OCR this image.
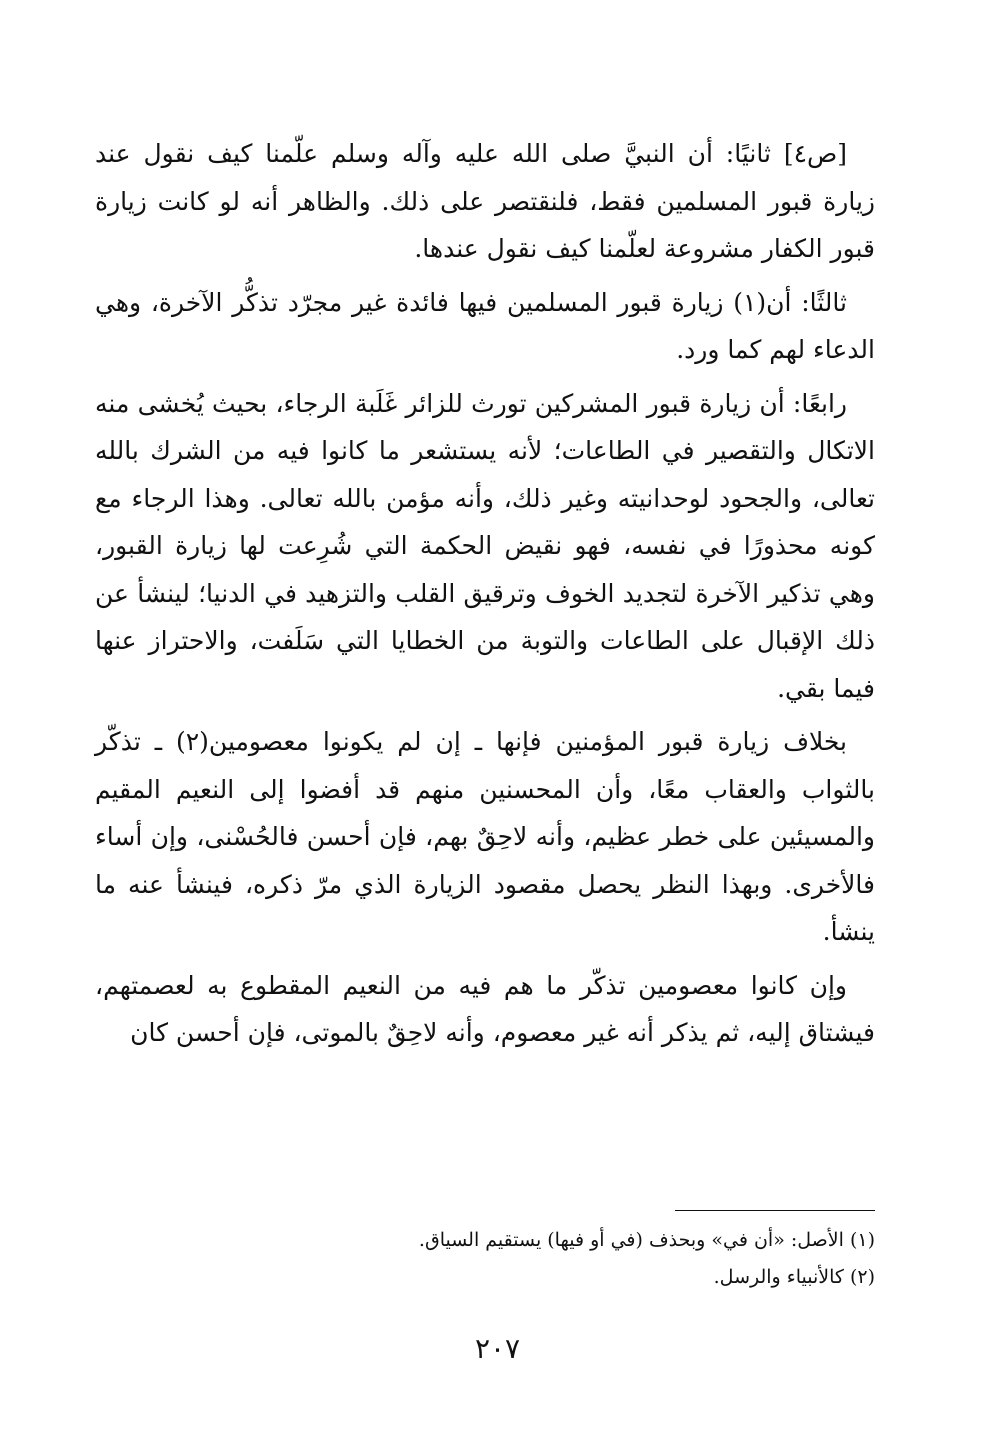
[ص٤] ثانيًا: أن النبيَّ صلى الله عليه وآله وسلم علّمنا كيف نقول عند زيارة قبور المسلمين فقط، فلنقتصر على ذلك. والظاهر أنه لو كانت زيارة قبور الكفار مشروعة لعلّمنا كيف نقول عندها.

ثالثًا: أن(١) زيارة قبور المسلمين فيها فائدة غير مجرّد تذكُّر الآخرة، وهي الدعاء لهم كما ورد.

رابعًا: أن زيارة قبور المشركين تورث للزائر غَلَبة الرجاء، بحيث يُخشى منه الاتكال والتقصير في الطاعات؛ لأنه يستشعر ما كانوا فيه من الشرك بالله تعالى، والجحود لوحدانيته وغير ذلك، وأنه مؤمن بالله تعالى. وهذا الرجاء مع كونه محذورًا في نفسه، فهو نقيض الحكمة التي شُرِعت لها زيارة القبور، وهي تذكير الآخرة لتجديد الخوف وترقيق القلب والتزهيد في الدنيا؛ لينشأ عن ذلك الإقبال على الطاعات والتوبة من الخطايا التي سَلَفت، والاحتراز عنها فيما بقي.

بخلاف زيارة قبور المؤمنين فإنها ـ إن لم يكونوا معصومين(٢) ـ تذكّر بالثواب والعقاب معًا، وأن المحسنين منهم قد أفضوا إلى النعيم المقيم والمسيئين على خطر عظيم، وأنه لاحِقٌ بهم، فإن أحسن فالحُسْنى، وإن أساء فالأخرى. وبهذا النظر يحصل مقصود الزيارة الذي مرّ ذكره، فينشأ عنه ما ينشأ.

وإن كانوا معصومين تذكّر ما هم فيه من النعيم المقطوع به لعصمتهم، فيشتاق إليه، ثم يذكر أنه غير معصوم، وأنه لاحِقٌ بالموتى، فإن أحسن كان

(١) الأصل: «أن في» وبحذف (في أو فيها) يستقيم السياق.

(٢) كالأنبياء والرسل.

٢٠٧
